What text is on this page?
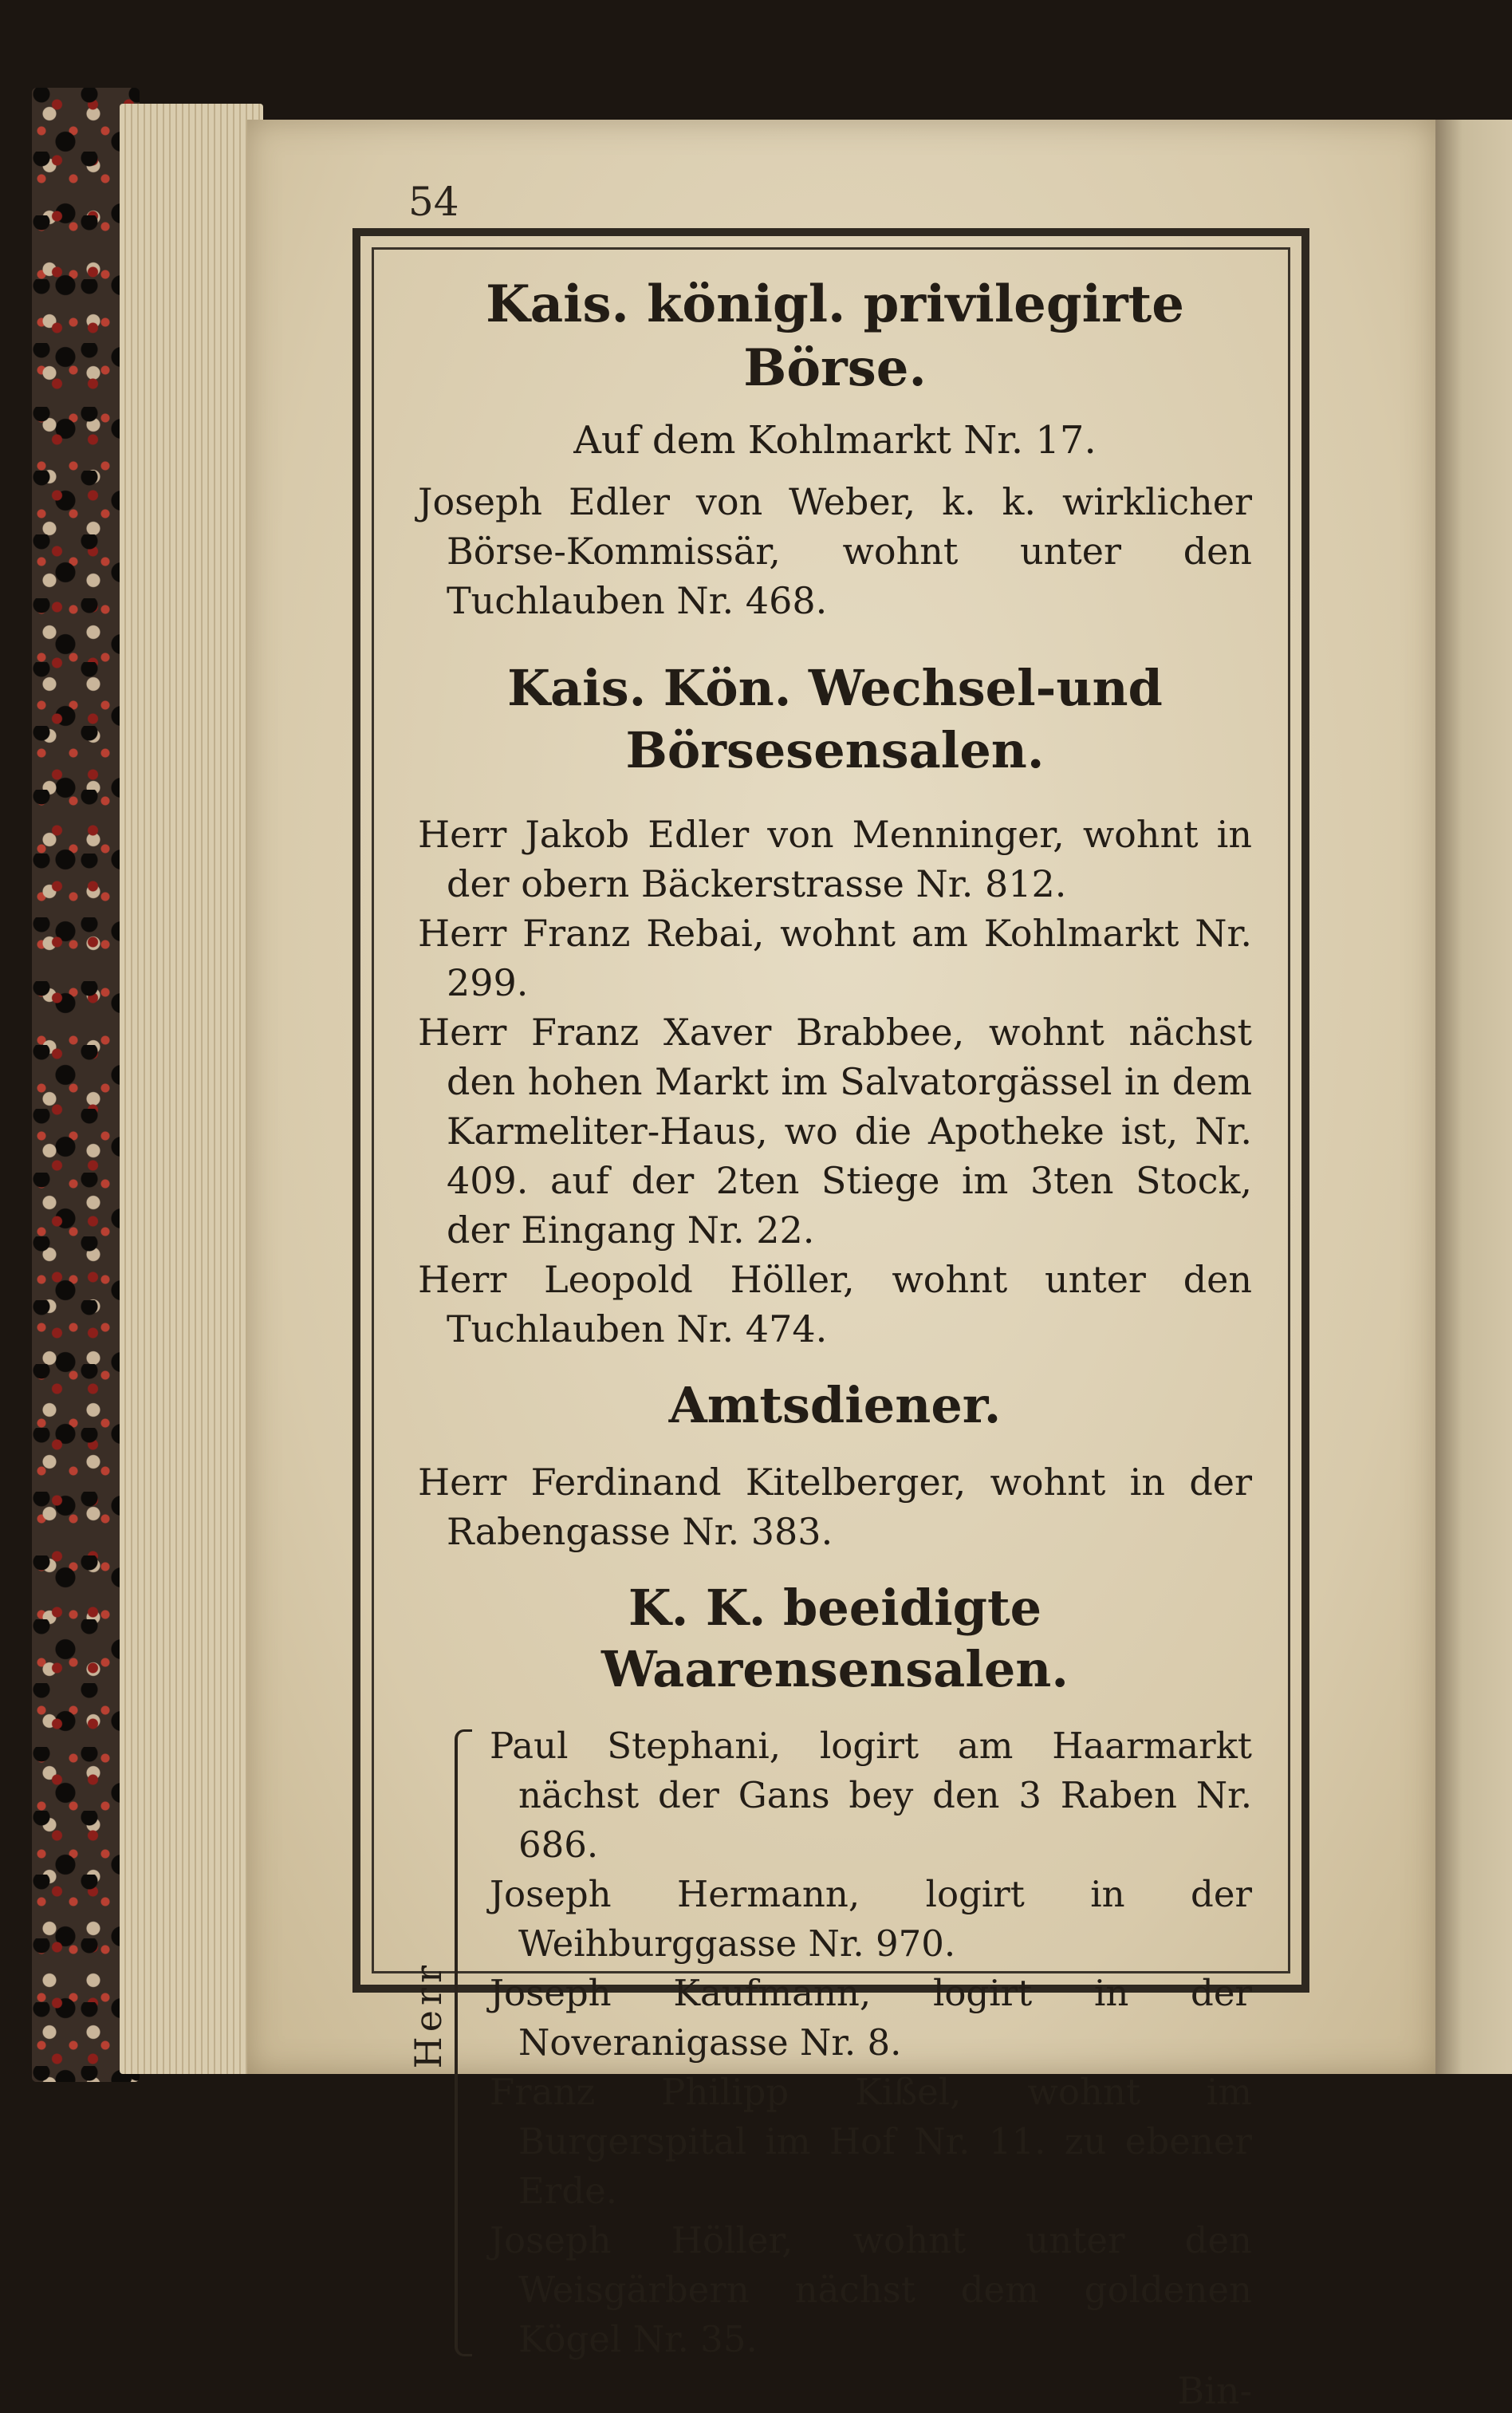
54

Kais. königl. privilegirte Börse.

Auf dem Kohlmarkt Nr. 17.

Joseph Edler von Weber, k. k. wirklicher Börse-Kommissär, wohnt unter den Tuchlauben Nr. 468.

Kais. Kön. Wechsel-und Börsesensalen.

Herr Jakob Edler von Menninger, wohnt in der obern Bäckerstrasse Nr. 812.

Herr Franz Rebai, wohnt am Kohlmarkt Nr. 299.

Herr Franz Xaver Brabbee, wohnt nächst den hohen Markt im Salvatorgässel in dem Karmeliter-Haus, wo die Apotheke ist, Nr. 409. auf der 2ten Stiege im 3ten Stock, der Eingang Nr. 22.

Herr Leopold Höller, wohnt unter den Tuchlauben Nr. 474.

Amtsdiener.

Herr Ferdinand Kitelberger, wohnt in der Rabengasse Nr. 383.

K. K. beeidigte Waarensensalen.
Herr

Paul Stephani, logirt am Haarmarkt nächst der Gans bey den 3 Raben Nr. 686.

Joseph Hermann, logirt in der Weihburggasse Nr. 970.

Joseph Kaufmann, logirt in der Noveranigasse Nr. 8.

Franz Philipp Kißel, wohnt im Burgerspital im Hof Nr. 11. zu ebener Erde.

Joseph Höller, wohnt unter den Weisgärbern nächst dem goldenen Kögel Nr. 35.

Bin-
